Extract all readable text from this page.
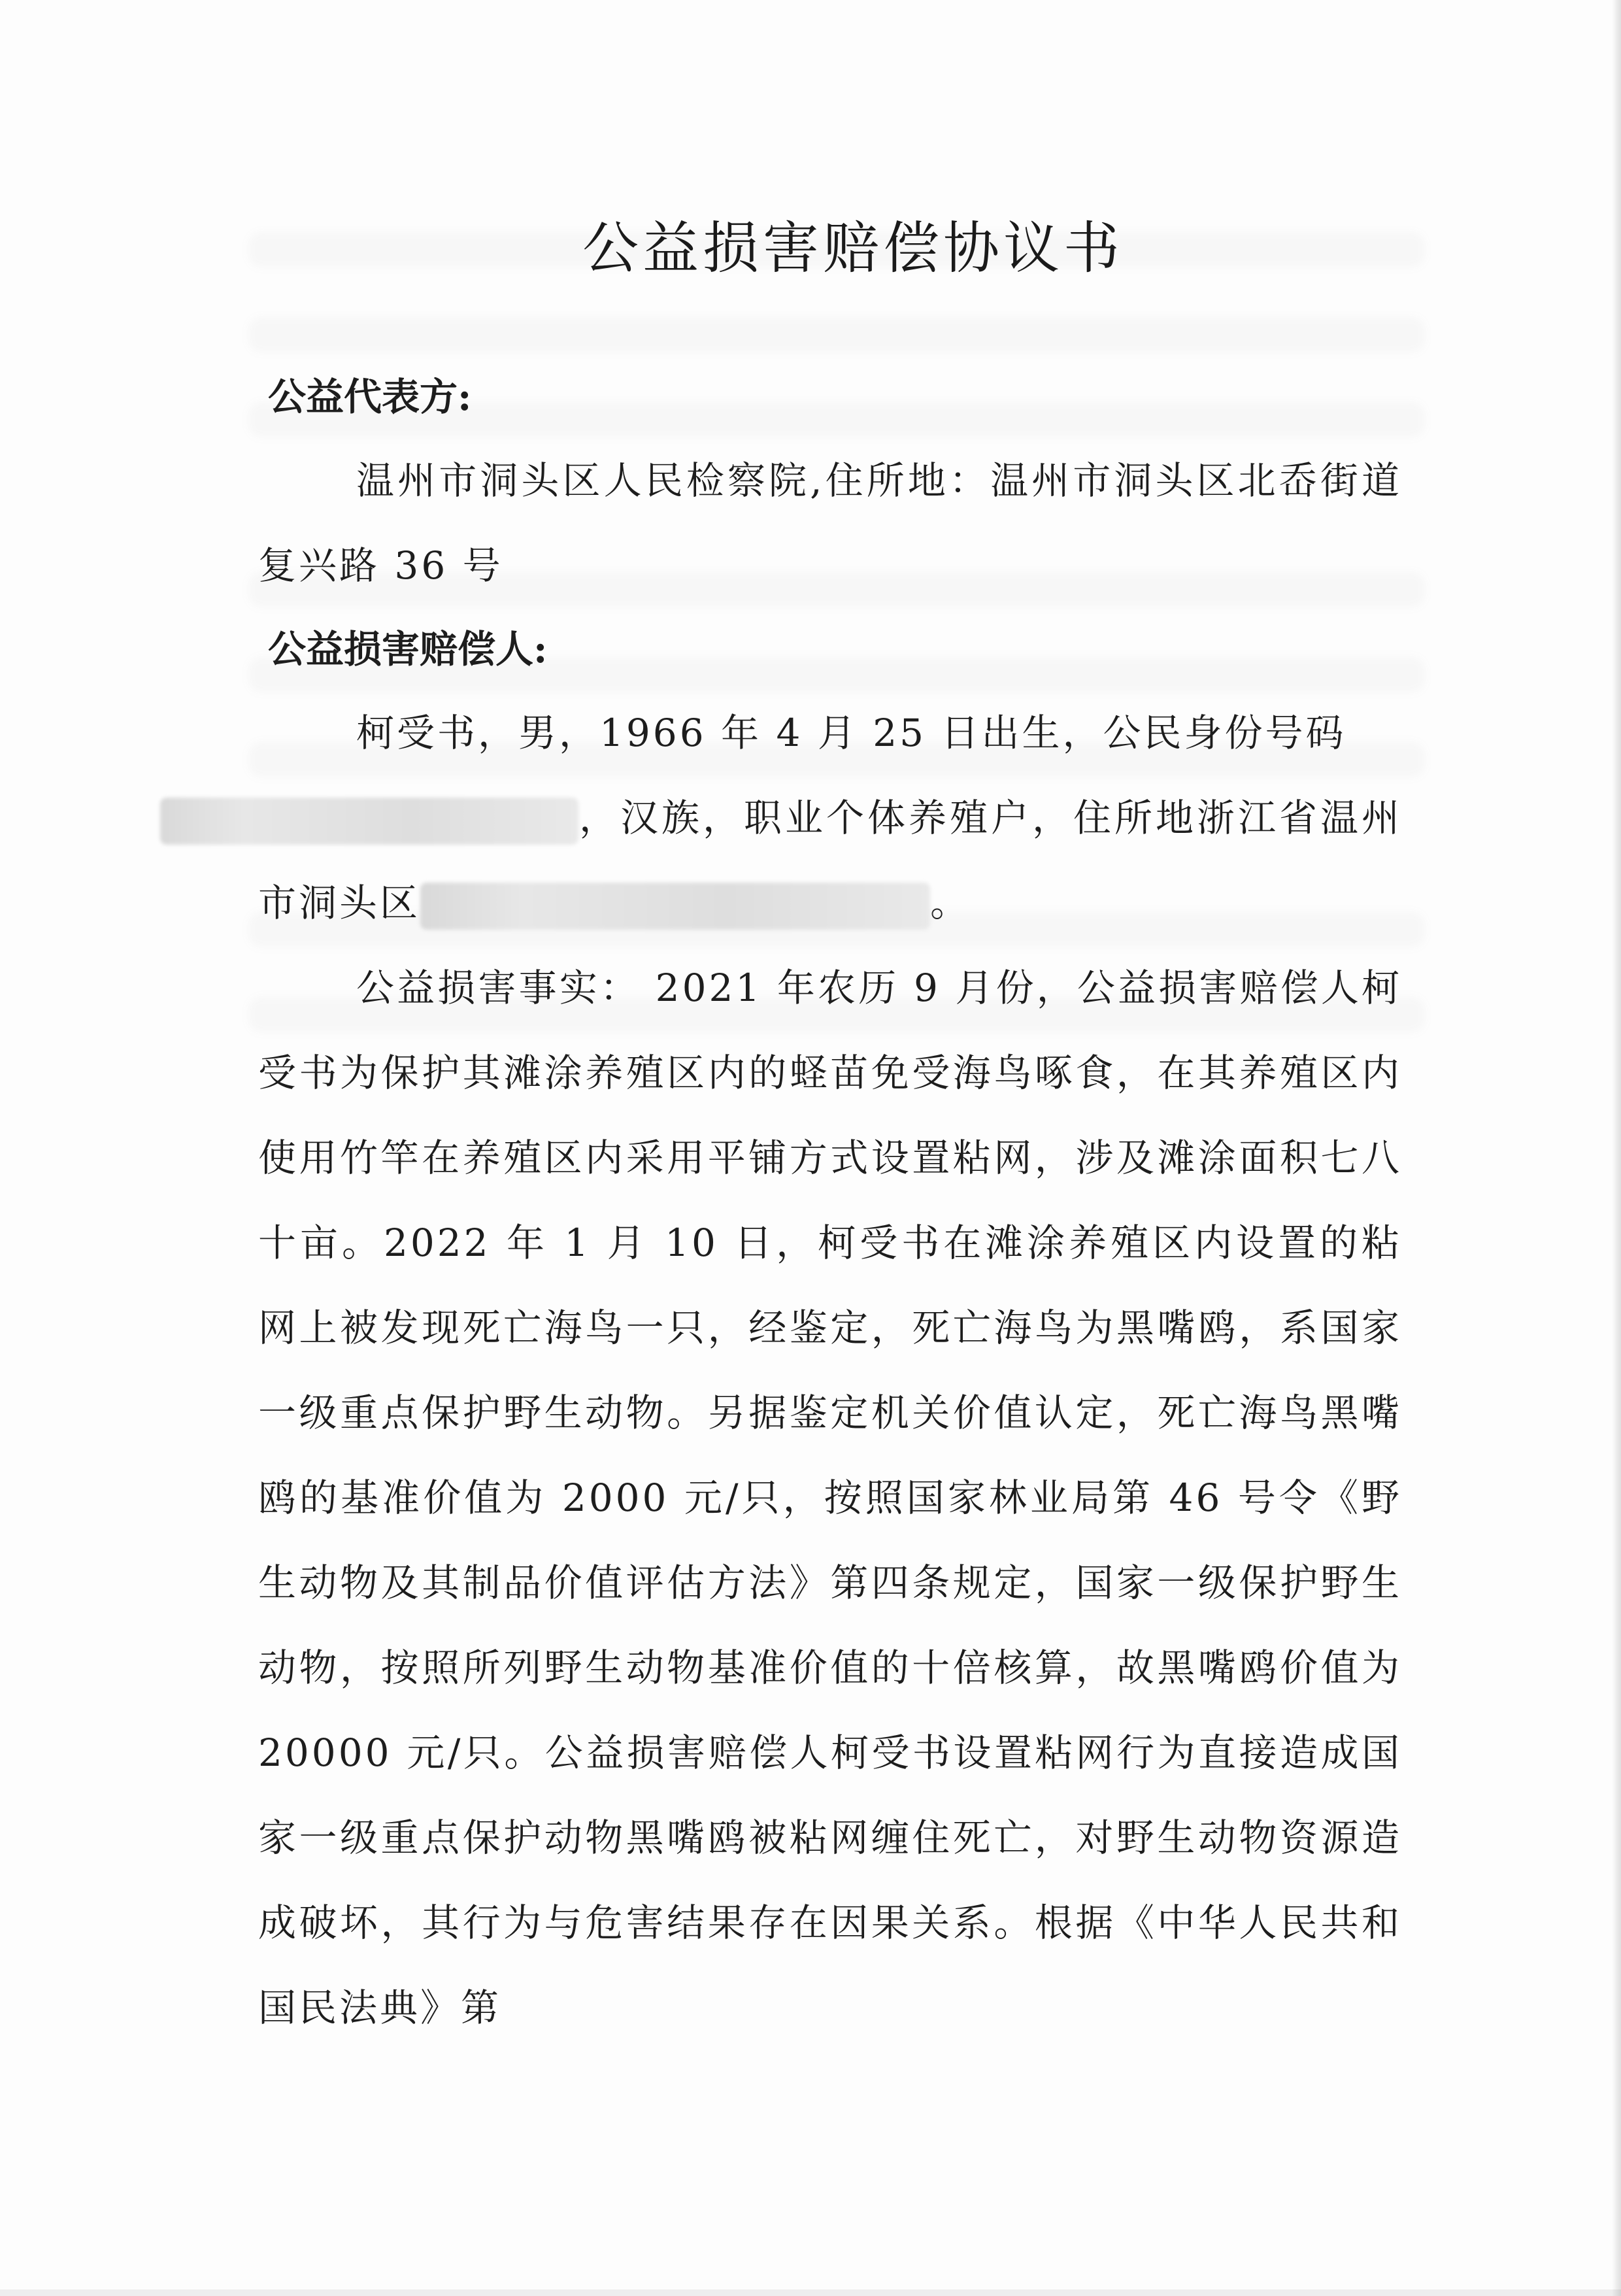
公益损害赔偿协议书

公益代表方:

温州市洞头区人民检察院,住所地：温州市洞头区北岙街道复兴路 36 号

公益损害赔偿人:

柯受书，男，1966 年 4 月 25 日出生，公民身份号码
，汉族，职业个体养殖户，住所地浙江省温州市洞头区	。

公益损害事实： 2021 年农历 9 月份，公益损害赔偿人柯受书为保护其滩涂养殖区内的蛏苗免受海鸟啄食，在其养殖区内使用竹竿在养殖区内采用平铺方式设置粘网，涉及滩涂面积七八十亩。2022 年 1 月 10 日，柯受书在滩涂养殖区内设置的粘网上被发现死亡海鸟一只，经鉴定，死亡海鸟为黑嘴鸥，系国家一级重点保护野生动物。另据鉴定机关价值认定，死亡海鸟黑嘴鸥的基准价值为 2000 元/只，按照国家林业局第 46 号令《野生动物及其制品价值评估方法》第四条规定，国家一级保护野生动物，按照所列野生动物基准价值的十倍核算，故黑嘴鸥价值为 20000 元/只。公益损害赔偿人柯受书设置粘网行为直接造成国家一级重点保护动物黑嘴鸥被粘网缠住死亡，对野生动物资源造成破坏，其行为与危害结果存在因果关系。根据《中华人民共和国民法典》第
